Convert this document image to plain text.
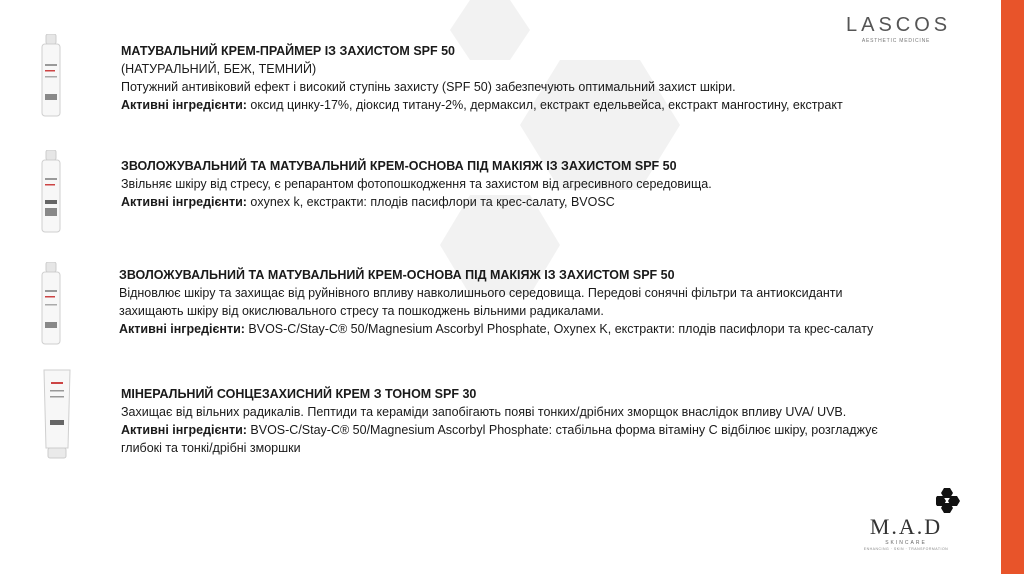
LASCOS
AESTHETIC MEDICINE
МАТУВАЛЬНИЙ КРЕМ-ПРАЙМЕР ІЗ ЗАХИСТОМ SPF 50
(НАТУРАЛЬНИЙ, БЕЖ, ТЕМНИЙ)
Потужний антивіковий ефект і високий ступінь захисту (SPF 50) забезпечують оптимальний захист шкіри.
Активні інгредієнти: оксид цинку-17%, діоксид титану-2%, дермаксил, екстракт едельвейса, екстракт мангостину, екстракт
ЗВОЛОЖУВАЛЬНИЙ ТА МАТУВАЛЬНИЙ КРЕМ-ОСНОВА ПІД МАКІЯЖ ІЗ ЗАХИСТОМ SPF 50
Звільняє шкіру від стресу, є репарантом фотопошкодження та захистом від агресивного середовища.
Активні інгредієнти: oxynex k, екстракти: плодів пасифлори та крес-салату, BVOSC
ЗВОЛОЖУВАЛЬНИЙ ТА МАТУВАЛЬНИЙ КРЕМ-ОСНОВА ПІД МАКІЯЖ ІЗ ЗАХИСТОМ SPF 50
Відновлює шкіру та захищає від руйнівного впливу навколишнього середовища. Передові сонячні фільтри та антиоксиданти
захищають шкіру від окислювального стресу та пошкоджень вільними радикалами.
Активні інгредієнти: BVOS-C/Stay-C® 50/Magnesium Ascorbyl Phosphate, Oxynex K, екстракти: плодів пасифлори та крес-салату
МІНЕРАЛЬНИЙ СОНЦЕЗАХИСНИЙ КРЕМ З ТОНОМ SPF 30
Захищає від вільних радикалів. Пептиди та кераміди запобігають появі тонких/дрібних зморщок внаслідок впливу UVA/ UVB.
Активні інгредієнти: BVOS-C/Stay-C® 50/Magnesium Ascorbyl Phosphate: стабільна форма вітаміну С відбілює шкіру, розгладжує
глибокі та тонкі/дрібні зморшки
M.A.D
SKINCARE
ENHANCING · SKIN · TRANSFORMATION
